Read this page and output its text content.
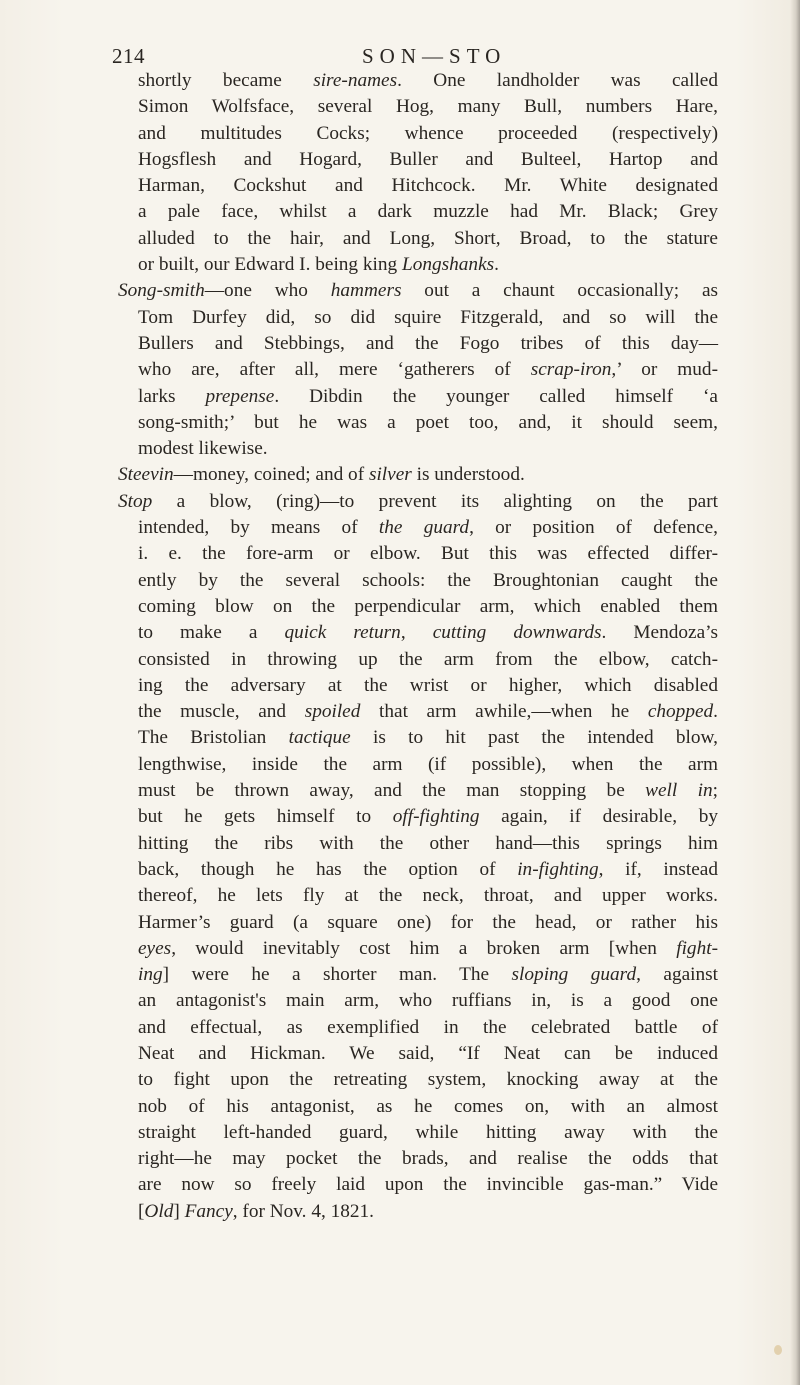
214	SON—STO
shortly became sire-names. One landholder was called
Simon Wolfsface, several Hog, many Bull, numbers Hare,
and multitudes Cocks; whence proceeded (respectively)
Hogsflesh and Hogard, Buller and Bulteel, Hartop and
Harman, Cockshut and Hitchcock. Mr. White designated
a pale face, whilst a dark muzzle had Mr. Black; Grey
alluded to the hair, and Long, Short, Broad, to the stature
or built, our Edward I. being king Longshanks.
Song-smith—one who hammers out a chaunt occasionally; as
Tom Durfey did, so did squire Fitzgerald, and so will the
Bullers and Stebbings, and the Fogo tribes of this day—
who are, after all, mere ‘gatherers of scrap-iron,’ or mud-
larks prepense. Dibdin the younger called himself ‘a
song-smith;’ but he was a poet too, and, it should seem,
modest likewise.
Steevin—money, coined; and of silver is understood.
Stop a blow, (ring)—to prevent its alighting on the part
intended, by means of the guard, or position of defence,
i. e. the fore-arm or elbow. But this was effected differ-
ently by the several schools: the Broughtonian caught the
coming blow on the perpendicular arm, which enabled them
to make a quick return, cutting downwards. Mendoza’s
consisted in throwing up the arm from the elbow, catch-
ing the adversary at the wrist or higher, which disabled
the muscle, and spoiled that arm awhile,—when he chopped.
The Bristolian tactique is to hit past the intended blow,
lengthwise, inside the arm (if possible), when the arm
must be thrown away, and the man stopping be well in;
but he gets himself to off-fighting again, if desirable, by
hitting the ribs with the other hand—this springs him
back, though he has the option of in-fighting, if, instead
thereof, he lets fly at the neck, throat, and upper works.
Harmer’s guard (a square one) for the head, or rather his
eyes, would inevitably cost him a broken arm [when fight-
ing] were he a shorter man. The sloping guard, against
an antagonist's main arm, who ruffians in, is a good one
and effectual, as exemplified in the celebrated battle of
Neat and Hickman. We said, “If Neat can be induced
to fight upon the retreating system, knocking away at the
nob of his antagonist, as he comes on, with an almost
straight left-handed guard, while hitting away with the
right—he may pocket the brads, and realise the odds that
are now so freely laid upon the invincible gas-man.” Vide
[Old] Fancy, for Nov. 4, 1821.
